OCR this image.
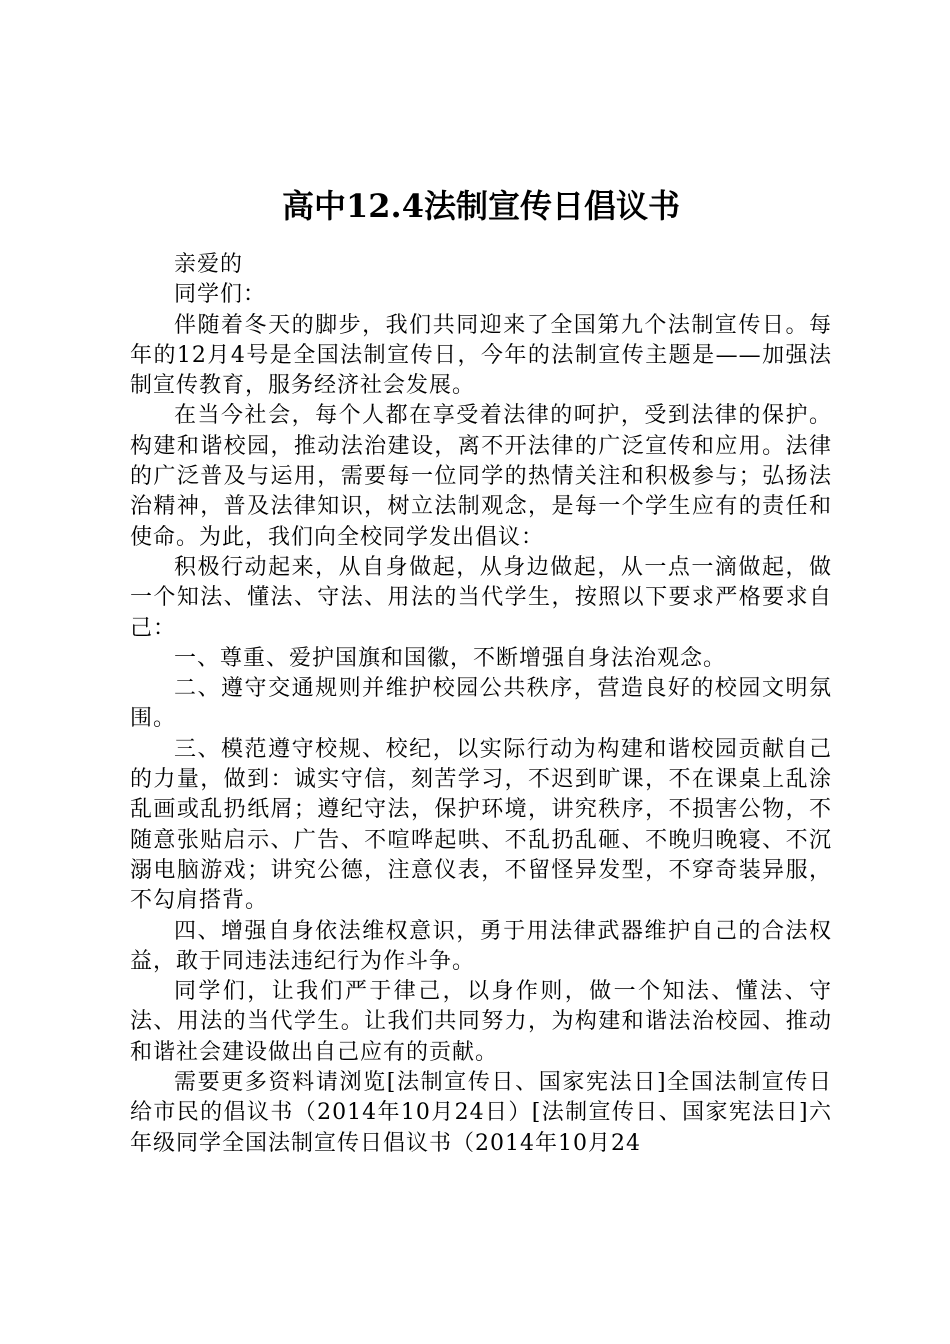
高中12.4法制宣传日倡议书

亲爱的

同学们：

伴随着冬天的脚步，我们共同迎来了全国第九个法制宣传日。每年的12月4号是全国法制宣传日，今年的法制宣传主题是——加强法制宣传教育，服务经济社会发展。

在当今社会，每个人都在享受着法律的呵护，受到法律的保护。构建和谐校园，推动法治建设，离不开法律的广泛宣传和应用。法律的广泛普及与运用，需要每一位同学的热情关注和积极参与；弘扬法治精神，普及法律知识，树立法制观念，是每一个学生应有的责任和使命。为此，我们向全校同学发出倡议：

积极行动起来，从自身做起，从身边做起，从一点一滴做起，做一个知法、懂法、守法、用法的当代学生，按照以下要求严格要求自己：

一、尊重、爱护国旗和国徽，不断增强自身法治观念。

二、遵守交通规则并维护校园公共秩序，营造良好的校园文明氛围。

三、模范遵守校规、校纪，以实际行动为构建和谐校园贡献自己的力量，做到：诚实守信，刻苦学习，不迟到旷课，不在课桌上乱涂乱画或乱扔纸屑；遵纪守法，保护环境，讲究秩序，不损害公物，不随意张贴启示、广告、不喧哗起哄、不乱扔乱砸、不晚归晚寝、不沉溺电脑游戏；讲究公德，注意仪表，不留怪异发型，不穿奇装异服，不勾肩搭背。

四、增强自身依法维权意识，勇于用法律武器维护自己的合法权益，敢于同违法违纪行为作斗争。

同学们，让我们严于律己，以身作则，做一个知法、懂法、守法、用法的当代学生。让我们共同努力，为构建和谐法治校园、推动和谐社会建设做出自己应有的贡献。

需要更多资料请浏览[法制宣传日、国家宪法日]全国法制宣传日给市民的倡议书（2014年10月24日）[法制宣传日、国家宪法日]六年级同学全国法制宣传日倡议书（2014年10月24
